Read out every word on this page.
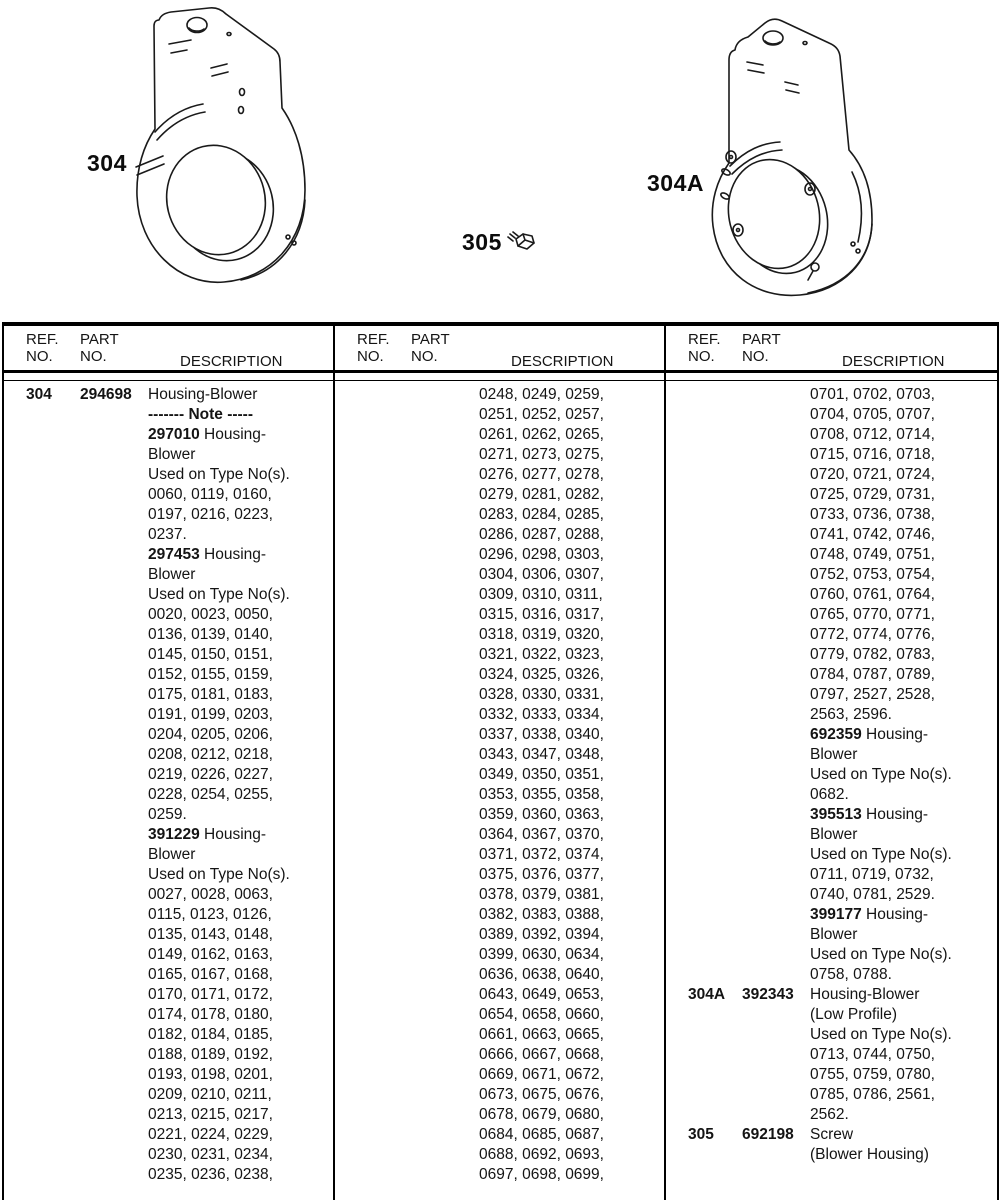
304
305
304A
REF.
NO.
PART
NO.	DESCRIPTION
REF.
NO.
PART
NO.	DESCRIPTION
REF.
NO.
PART
NO.	DESCRIPTION
304	294698	Housing-Blower
------- Note -----
297010 Housing-
Blower
Used on Type No(s).
0060, 0119, 0160,
0197, 0216, 0223,
0237.
297453 Housing-
Blower
Used on Type No(s).
0020, 0023, 0050,
0136, 0139, 0140,
0145, 0150, 0151,
0152, 0155, 0159,
0175, 0181, 0183,
0191, 0199, 0203,
0204, 0205, 0206,
0208, 0212, 0218,
0219, 0226, 0227,
0228, 0254, 0255,
0259.
391229 Housing-
Blower
Used on Type No(s).
0027, 0028, 0063,
0115, 0123, 0126,
0135, 0143, 0148,
0149, 0162, 0163,
0165, 0167, 0168,
0170, 0171, 0172,
0174, 0178, 0180,
0182, 0184, 0185,
0188, 0189, 0192,
0193, 0198, 0201,
0209, 0210, 0211,
0213, 0215, 0217,
0221, 0224, 0229,
0230, 0231, 0234,
0235, 0236, 0238,
0248, 0249, 0259,
0251, 0252, 0257,
0261, 0262, 0265,
0271, 0273, 0275,
0276, 0277, 0278,
0279, 0281, 0282,
0283, 0284, 0285,
0286, 0287, 0288,
0296, 0298, 0303,
0304, 0306, 0307,
0309, 0310, 0311,
0315, 0316, 0317,
0318, 0319, 0320,
0321, 0322, 0323,
0324, 0325, 0326,
0328, 0330, 0331,
0332, 0333, 0334,
0337, 0338, 0340,
0343, 0347, 0348,
0349, 0350, 0351,
0353, 0355, 0358,
0359, 0360, 0363,
0364, 0367, 0370,
0371, 0372, 0374,
0375, 0376, 0377,
0378, 0379, 0381,
0382, 0383, 0388,
0389, 0392, 0394,
0399, 0630, 0634,
0636, 0638, 0640,
0643, 0649, 0653,
0654, 0658, 0660,
0661, 0663, 0665,
0666, 0667, 0668,
0669, 0671, 0672,
0673, 0675, 0676,
0678, 0679, 0680,
0684, 0685, 0687,
0688, 0692, 0693,
0697, 0698, 0699,
0701, 0702, 0703,
0704, 0705, 0707,
0708, 0712, 0714,
0715, 0716, 0718,
0720, 0721, 0724,
0725, 0729, 0731,
0733, 0736, 0738,
0741, 0742, 0746,
0748, 0749, 0751,
0752, 0753, 0754,
0760, 0761, 0764,
0765, 0770, 0771,
0772, 0774, 0776,
0779, 0782, 0783,
0784, 0787, 0789,
0797, 2527, 2528,
2563, 2596.
692359 Housing-
Blower
Used on Type No(s).
0682.
395513 Housing-
Blower
Used on Type No(s).
0711, 0719, 0732,
0740, 0781, 2529.
399177 Housing-
Blower
Used on Type No(s).
0758, 0788.
304A	392343	Housing-Blower
(Low Profile)
Used on Type No(s).
0713, 0744, 0750,
0755, 0759, 0780,
0785, 0786, 2561,
2562.
305	692198	Screw
(Blower Housing)
